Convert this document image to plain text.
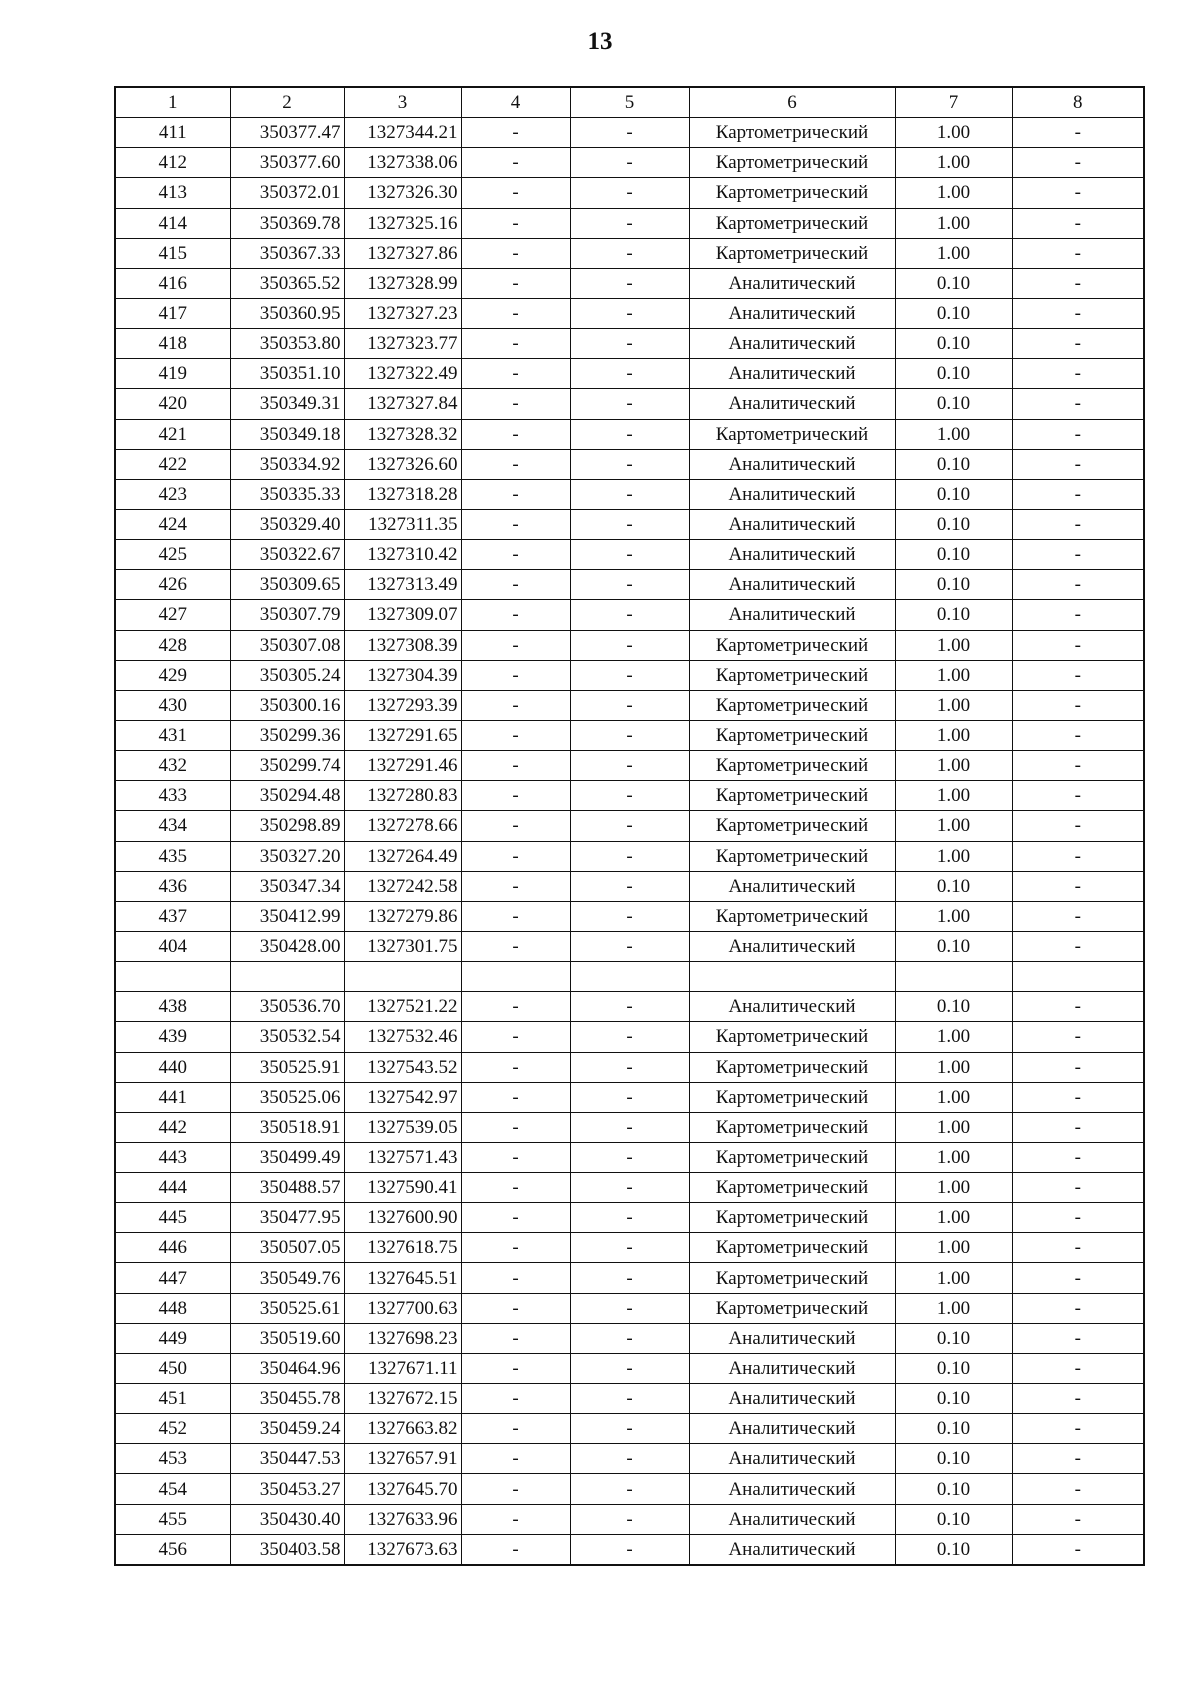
13
1	2	3	4	5	6	7	8
411	350377.47	1327344.21	-	-	Картометрический	1.00	-
412	350377.60	1327338.06	-	-	Картометрический	1.00	-
413	350372.01	1327326.30	-	-	Картометрический	1.00	-
414	350369.78	1327325.16	-	-	Картометрический	1.00	-
415	350367.33	1327327.86	-	-	Картометрический	1.00	-
416	350365.52	1327328.99	-	-	Аналитический	0.10	-
417	350360.95	1327327.23	-	-	Аналитический	0.10	-
418	350353.80	1327323.77	-	-	Аналитический	0.10	-
419	350351.10	1327322.49	-	-	Аналитический	0.10	-
420	350349.31	1327327.84	-	-	Аналитический	0.10	-
421	350349.18	1327328.32	-	-	Картометрический	1.00	-
422	350334.92	1327326.60	-	-	Аналитический	0.10	-
423	350335.33	1327318.28	-	-	Аналитический	0.10	-
424	350329.40	1327311.35	-	-	Аналитический	0.10	-
425	350322.67	1327310.42	-	-	Аналитический	0.10	-
426	350309.65	1327313.49	-	-	Аналитический	0.10	-
427	350307.79	1327309.07	-	-	Аналитический	0.10	-
428	350307.08	1327308.39	-	-	Картометрический	1.00	-
429	350305.24	1327304.39	-	-	Картометрический	1.00	-
430	350300.16	1327293.39	-	-	Картометрический	1.00	-
431	350299.36	1327291.65	-	-	Картометрический	1.00	-
432	350299.74	1327291.46	-	-	Картометрический	1.00	-
433	350294.48	1327280.83	-	-	Картометрический	1.00	-
434	350298.89	1327278.66	-	-	Картометрический	1.00	-
435	350327.20	1327264.49	-	-	Картометрический	1.00	-
436	350347.34	1327242.58	-	-	Аналитический	0.10	-
437	350412.99	1327279.86	-	-	Картометрический	1.00	-
404	350428.00	1327301.75	-	-	Аналитический	0.10	-

438	350536.70	1327521.22	-	-	Аналитический	0.10	-
439	350532.54	1327532.46	-	-	Картометрический	1.00	-
440	350525.91	1327543.52	-	-	Картометрический	1.00	-
441	350525.06	1327542.97	-	-	Картометрический	1.00	-
442	350518.91	1327539.05	-	-	Картометрический	1.00	-
443	350499.49	1327571.43	-	-	Картометрический	1.00	-
444	350488.57	1327590.41	-	-	Картометрический	1.00	-
445	350477.95	1327600.90	-	-	Картометрический	1.00	-
446	350507.05	1327618.75	-	-	Картометрический	1.00	-
447	350549.76	1327645.51	-	-	Картометрический	1.00	-
448	350525.61	1327700.63	-	-	Картометрический	1.00	-
449	350519.60	1327698.23	-	-	Аналитический	0.10	-
450	350464.96	1327671.11	-	-	Аналитический	0.10	-
451	350455.78	1327672.15	-	-	Аналитический	0.10	-
452	350459.24	1327663.82	-	-	Аналитический	0.10	-
453	350447.53	1327657.91	-	-	Аналитический	0.10	-
454	350453.27	1327645.70	-	-	Аналитический	0.10	-
455	350430.40	1327633.96	-	-	Аналитический	0.10	-
456	350403.58	1327673.63	-	-	Аналитический	0.10	-
